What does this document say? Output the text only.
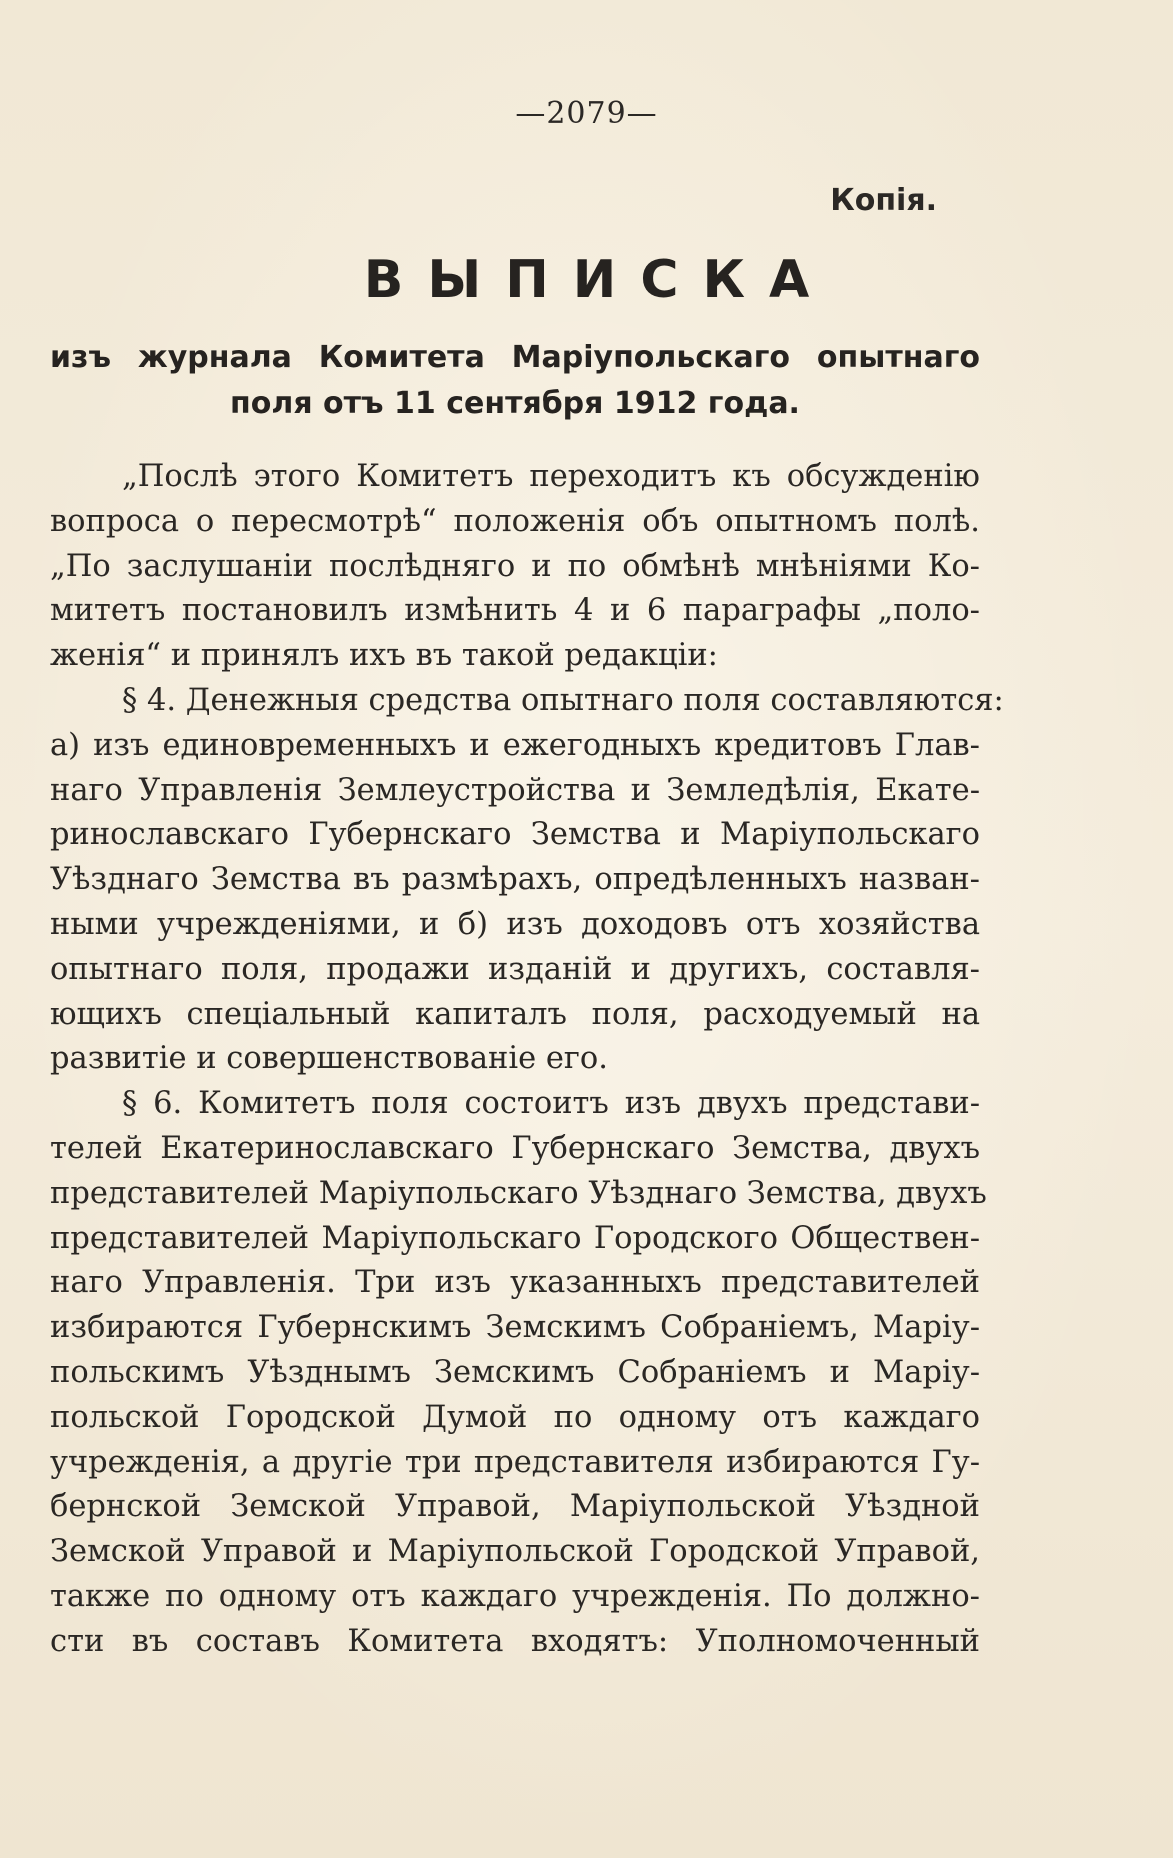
—2079—
Копія.
ВЫПИСКА
изъ журнала Комитета Маріупольскаго опытнаго
поля отъ 11 сентября 1912 года.
„Послѣ этого Комитетъ переходитъ къ обсужденію
вопроса о пересмотрѣ“ положенія объ опытномъ полѣ.
„По заслушаніи послѣдняго и по обмѣнѣ мнѣніями Ко-
митетъ постановилъ измѣнить 4 и 6 параграфы „поло-
женія“ и принялъ ихъ въ такой редакціи:
§ 4. Денежныя средства опытнаго поля составляются:
а) изъ единовременныхъ и ежегодныхъ кредитовъ Глав-
наго Управленія Землеустройства и Земледѣлія, Екате-
ринославскаго Губернскаго Земства и Маріупольскаго
Уѣзднаго Земства въ размѣрахъ, опредѣленныхъ назван-
ными учрежденіями, и б) изъ доходовъ отъ хозяйства
опытнаго поля, продажи изданій и другихъ, составля-
ющихъ спеціальный капиталъ поля, расходуемый на
развитіе и совершенствованіе его.
§ 6. Комитетъ поля состоитъ изъ двухъ представи-
телей Екатеринославскаго Губернскаго Земства, двухъ
представителей Маріупольскаго Уѣзднаго Земства, двухъ
представителей Маріупольскаго Городского Обществен-
наго Управленія. Три изъ указанныхъ представителей
избираются Губернскимъ Земскимъ Собраніемъ, Маріу-
польскимъ Уѣзднымъ Земскимъ Собраніемъ и Маріу-
польской Городской Думой по одному отъ каждаго
учрежденія, а другіе три представителя избираются Гу-
бернской Земской Управой, Маріупольской Уѣздной
Земской Управой и Маріупольской Городской Управой,
также по одному отъ каждаго учрежденія. По должно-
сти въ составъ Комитета входятъ: Уполномоченный
